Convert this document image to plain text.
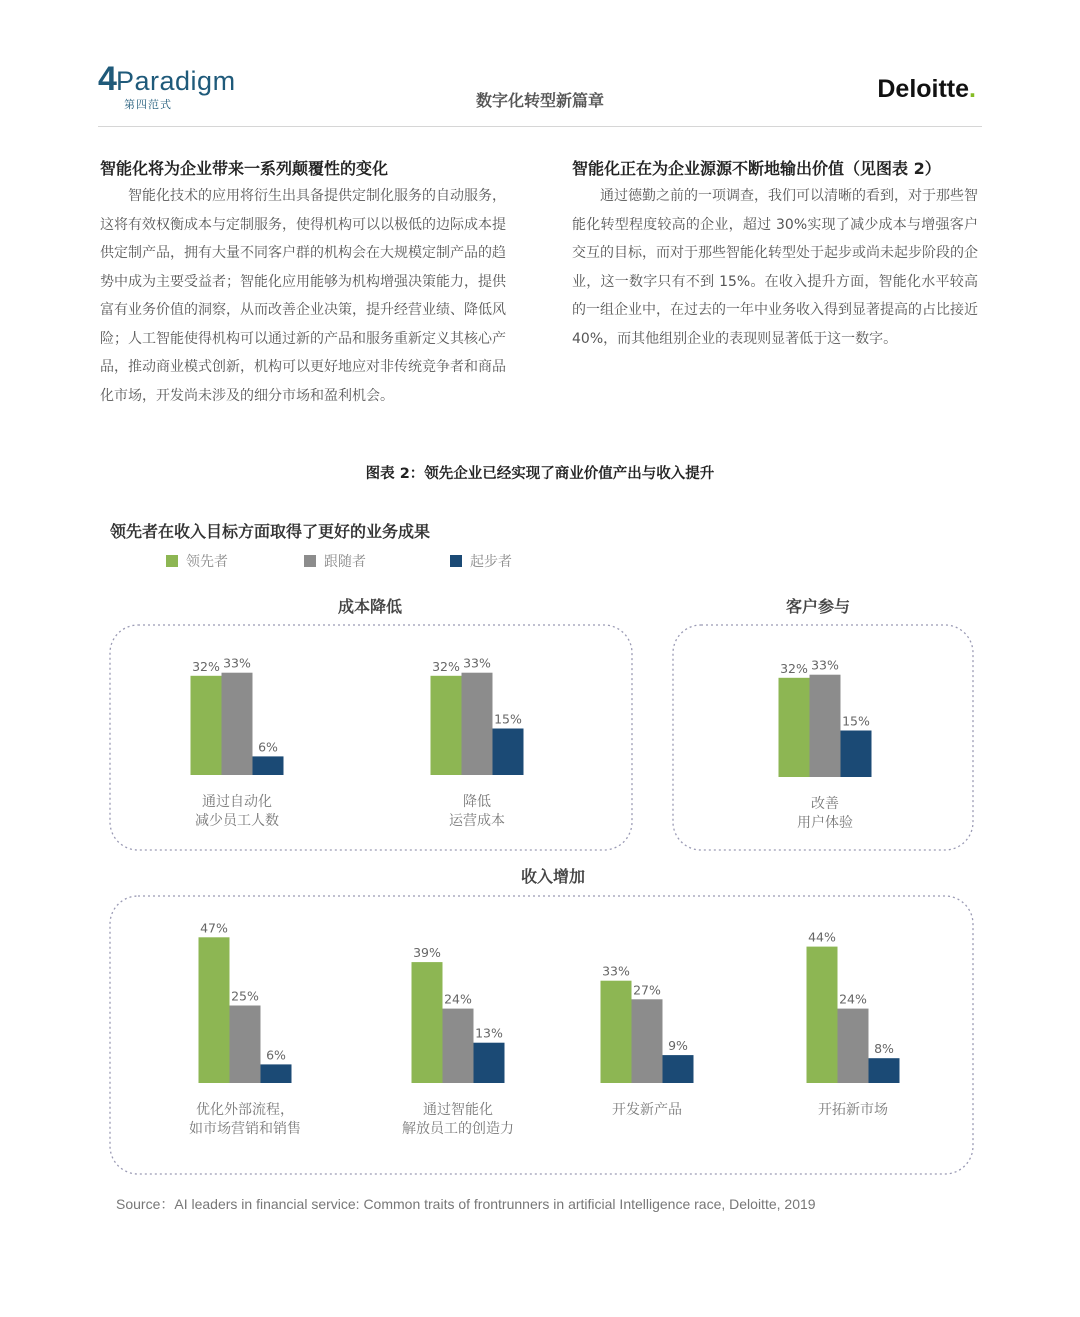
4 Paradigm
第四范式	数字化转型新篇章	Deloitte.
智能化将为企业带来一系列颠覆性的变化
　　智能化技术的应用将衍生出具备提供定制化服务的自动服务，这将有效权衡成本与定制服务，使得机构可以以极低的边际成本提供定制产品，拥有大量不同客户群的机构会在大规模定制产品的趋势中成为主要受益者；智能化应用能够为机构增强决策能力，提供富有业务价值的洞察，从而改善企业决策，提升经营业绩、降低风险；人工智能使得机构可以通过新的产品和服务重新定义其核心产品，推动商业模式创新，机构可以更好地应对非传统竞争者和商品化市场，开发尚未涉及的细分市场和盈利机会。
智能化正在为企业源源不断地输出价值（见图表 2）
　　通过德勤之前的一项调查，我们可以清晰的看到，对于那些智能化转型程度较高的企业，超过 30%实现了减少成本与增强客户交互的目标，而对于那些智能化转型处于起步或尚未起步阶段的企业，这一数字只有不到 15%。在收入提升方面，智能化水平较高的一组企业中，在过去的一年中业务收入得到显著提高的占比接近 40%，而其他组别企业的表现则显著低于这一数字。
图表 2：领先企业已经实现了商业价值产出与收入提升
领先者在收入目标方面取得了更好的业务成果
领先者	跟随者	起步者
成本降低	客户参与
收入增加
32% 33%
6%
通过自动化
减少员工人数
32% 33%
15%
降低
运营成本
32% 33%
15%
改善
用户体验
47%
25%
6%
优化外部流程，
如市场营销和销售
39%
24%
13%
通过智能化
解放员工的创造力
33%
27%
9%
开发新产品
44%
24%
8%
开拓新市场
Source：AI leaders in financial service: Common traits of frontrunners in artificial Intelligence race, Deloitte, 2019
